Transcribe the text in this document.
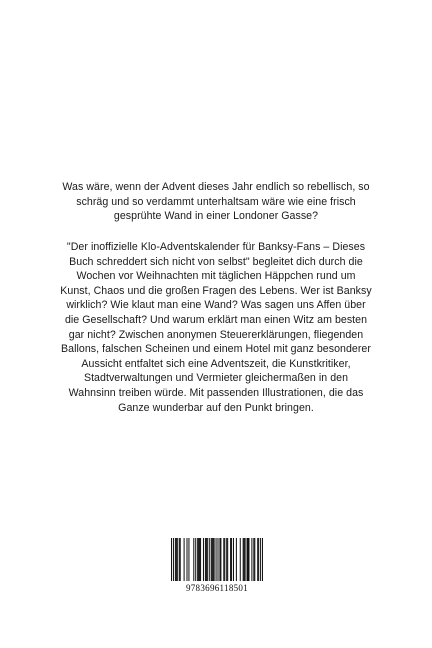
Was wäre, wenn der Advent dieses Jahr endlich so rebellisch, so schräg und so verdammt unterhaltsam wäre wie eine frisch gesprühte Wand in einer Londoner Gasse?
"Der inoffizielle Klo-Adventskalender für Banksy-Fans – Dieses Buch schreddert sich nicht von selbst" begleitet dich durch die Wochen vor Weihnachten mit täglichen Häppchen rund um Kunst, Chaos und die großen Fragen des Lebens. Wer ist Banksy wirklich? Wie klaut man eine Wand? Was sagen uns Affen über die Gesellschaft? Und warum erklärt man einen Witz am besten gar nicht? Zwischen anonymen Steuererklärungen, fliegenden Ballons, falschen Scheinen und einem Hotel mit ganz besonderer Aussicht entfaltet sich eine Adventszeit, die Kunstkritiker, Stadtverwaltungen und Vermieter gleichermaßen in den Wahnsinn treiben würde. Mit passenden Illustrationen, die das Ganze wunderbar auf den Punkt bringen.
9783696118501
